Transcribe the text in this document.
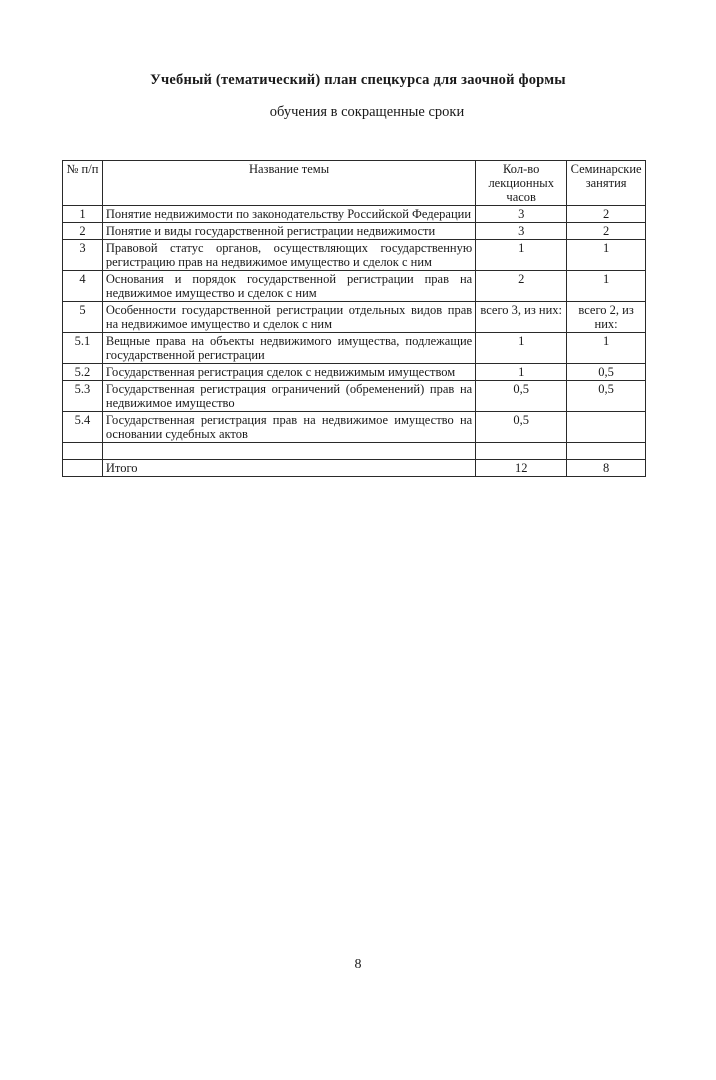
Учебный (тематический) план спецкурса для заочной формы
обучения в сокращенные сроки
№ п/п	Название темы	Кол-во лекционных часов	Семинарские занятия
1	Понятие недвижимости по законодательству Российской Федерации	3	2
2	Понятие и виды государственной регистрации недвижимости	3	2
3	Правовой статус органов, осуществляющих государственную регистрацию прав на недвижимое имущество и сделок с ним	1	1
4	Основания и порядок государственной регистрации прав на недвижимое имущество и сделок с ним	2	1
5	Особенности государственной регистрации отдельных видов прав на недвижимое имущество и сделок с ним	всего 3, из них:	всего 2, из них:
5.1	Вещные права на объекты недвижимого имущества, подлежащие государственной регистрации	1	1
5.2	Государственная регистрация сделок с недвижимым имуществом	1	0,5
5.3	Государственная регистрация ограничений (обременений) прав на недвижимое имущество	0,5	0,5
5.4	Государственная регистрация прав на недвижимое имущество на основании судебных актов	0,5	

	Итого	12	8
8
